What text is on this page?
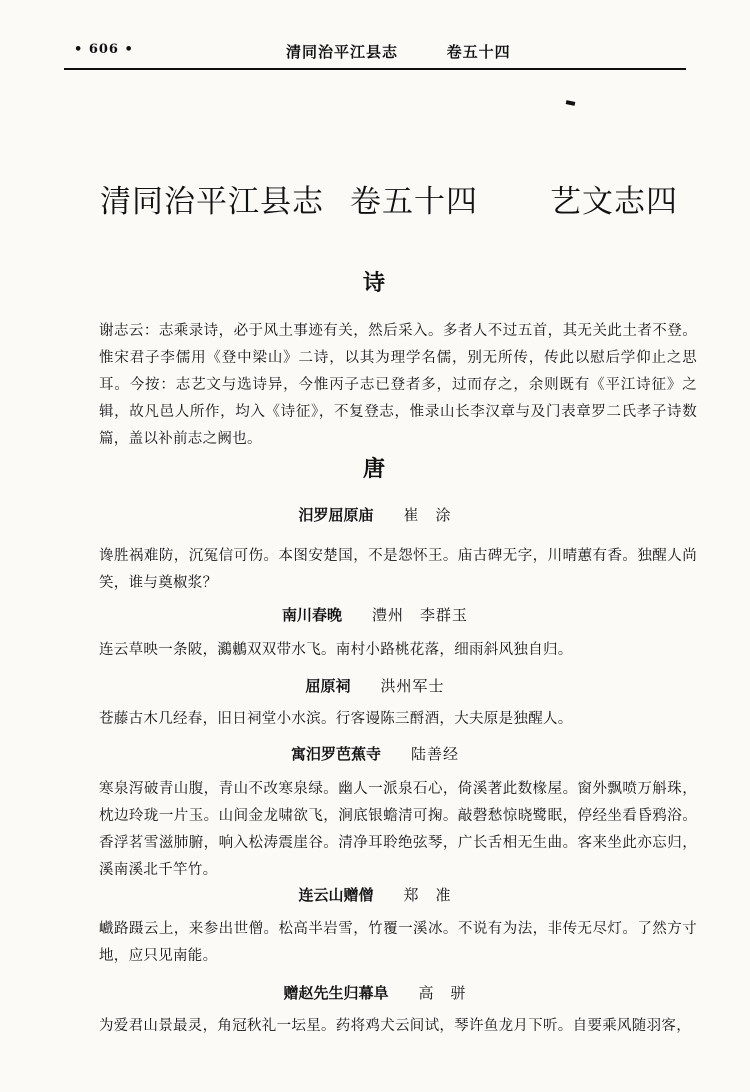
• 606 •	清同治平江县志   卷五十四
清同治平江县志 卷五十四 艺文志四
诗
谢志云：志乘录诗，必于风土事迹有关，然后采入。多者人不过五首，其无关此土者不登。惟宋君子李儒用《登中梁山》二诗，以其为理学名儒，别无所传，传此以慰后学仰止之思耳。今按：志艺文与选诗异，今惟丙子志已登者多，过而存之，余则既有《平江诗征》之辑，故凡邑人所作，均入《诗征》，不复登志，惟录山长李汉章与及门表章罗二氏孝子诗数篇，盖以补前志之阙也。
唐
汨罗屈原庙 崔　涂
谗胜祸难防，沉冤信可伤。本图安楚国，不是怨怀王。庙古碑无字，川晴蕙有香。独醒人尚笑，谁与奠椒浆？
南川春晚 澧州　李群玉
连云草映一条陂，鸂鶒双双带水飞。南村小路桃花落，细雨斜风独自归。
屈原祠 洪州军士
苍藤古木几经春，旧日祠堂小水滨。行客谩陈三酹酒，大夫原是独醒人。
寓汨罗芭蕉寺 陆善经
寒泉泻破青山腹，青山不改寒泉绿。幽人一派泉石心，倚溪著此数椽屋。窗外飘喷万斛珠，枕边玲珑一片玉。山间金龙啸欲飞，涧底银蟾清可掬。敲磬愁惊晓鹭眠，停经坐看昏鸦浴。香浮茗雪滋肺腑，响入松涛震崖谷。清净耳聆绝弦琴，广长舌相无生曲。客来坐此亦忘归，溪南溪北千竿竹。
连云山赠僧 郑　准
巇路蹑云上，来参出世僧。松高半岩雪，竹覆一溪冰。不说有为法，非传无尽灯。了然方寸地，应只见南能。
赠赵先生归幕阜 高　骈
为爱君山景最灵，角冠秋礼一坛星。药将鸡犬云间试，琴许鱼龙月下听。自要乘风随羽客，
